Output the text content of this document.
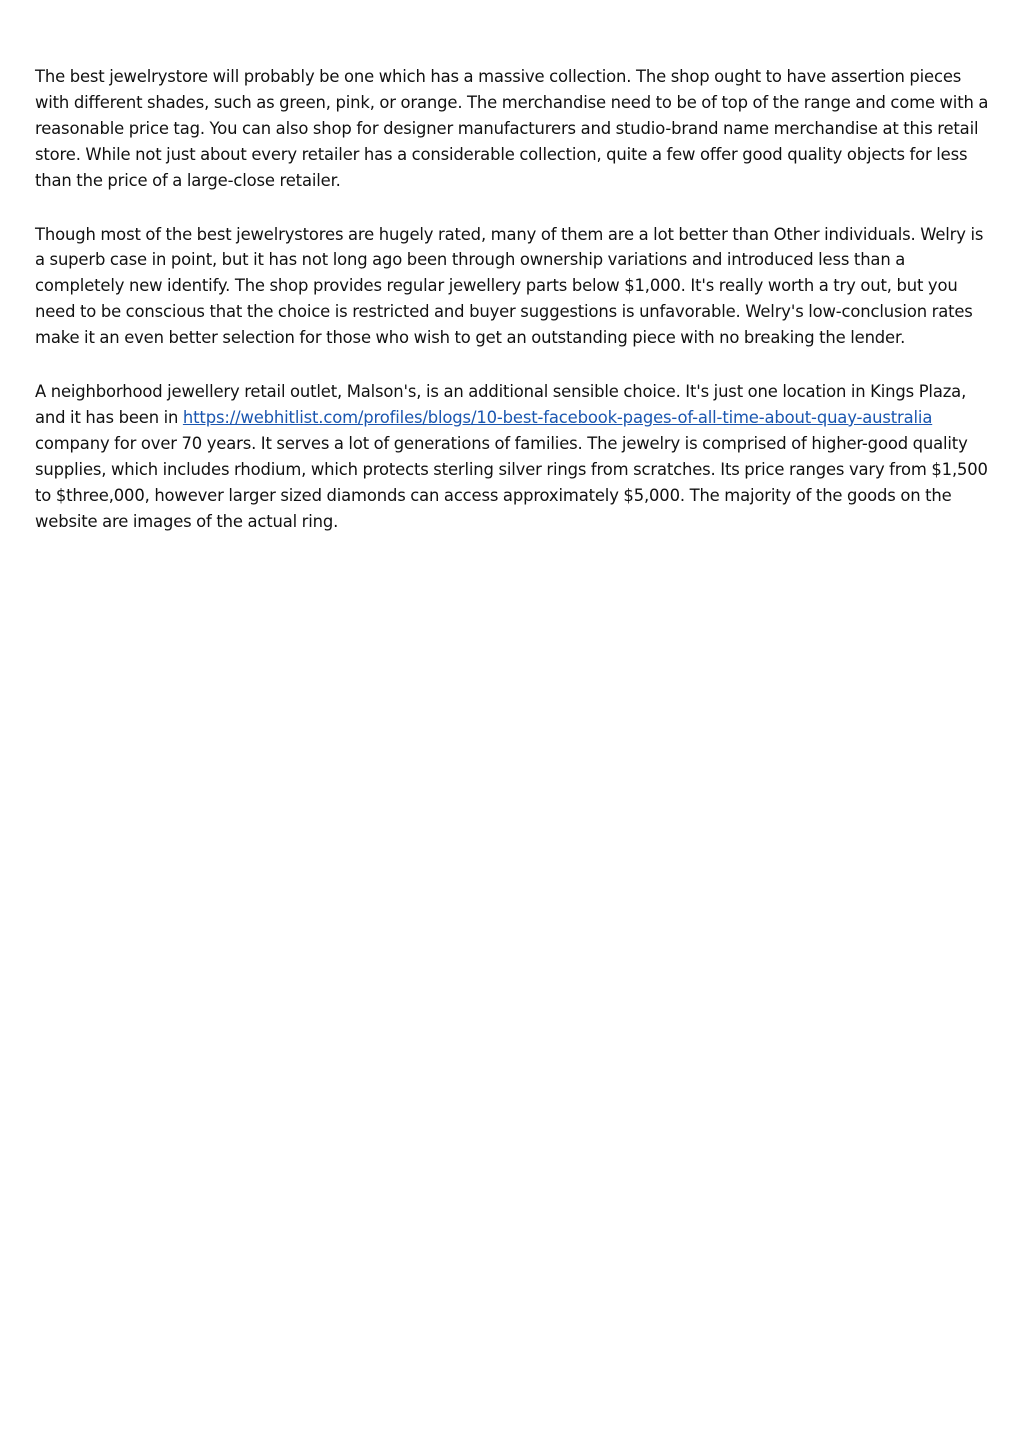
The best jewelrystore will probably be one which has a massive collection. The shop ought to have assertion pieces with different shades, such as green, pink, or orange. The merchandise need to be of top of the range and come with a reasonable price tag. You can also shop for designer manufacturers and studio-brand name merchandise at this retail store. While not just about every retailer has a considerable collection, quite a few offer good quality objects for less than the price of a large-close retailer.

Though most of the best jewelrystores are hugely rated, many of them are a lot better than Other individuals. Welry is a superb case in point, but it has not long ago been through ownership variations and introduced less than a completely new identify. The shop provides regular jewellery parts below $1,000. It's really worth a try out, but you need to be conscious that the choice is restricted and buyer suggestions is unfavorable. Welry's low-conclusion rates make it an even better selection for those who wish to get an outstanding piece with no breaking the lender.

A neighborhood jewellery retail outlet, Malson's, is an additional sensible choice. It's just one location in Kings Plaza, and it has been in https://webhitlist.com/profiles/blogs/10-best-facebook-pages-of-all-time-about-quay-australia company for over 70 years. It serves a lot of generations of families. The jewelry is comprised of higher-good quality supplies, which includes rhodium, which protects sterling silver rings from scratches. Its price ranges vary from $1,500 to $three,000, however larger sized diamonds can access approximately $5,000. The majority of the goods on the website are images of the actual ring.
